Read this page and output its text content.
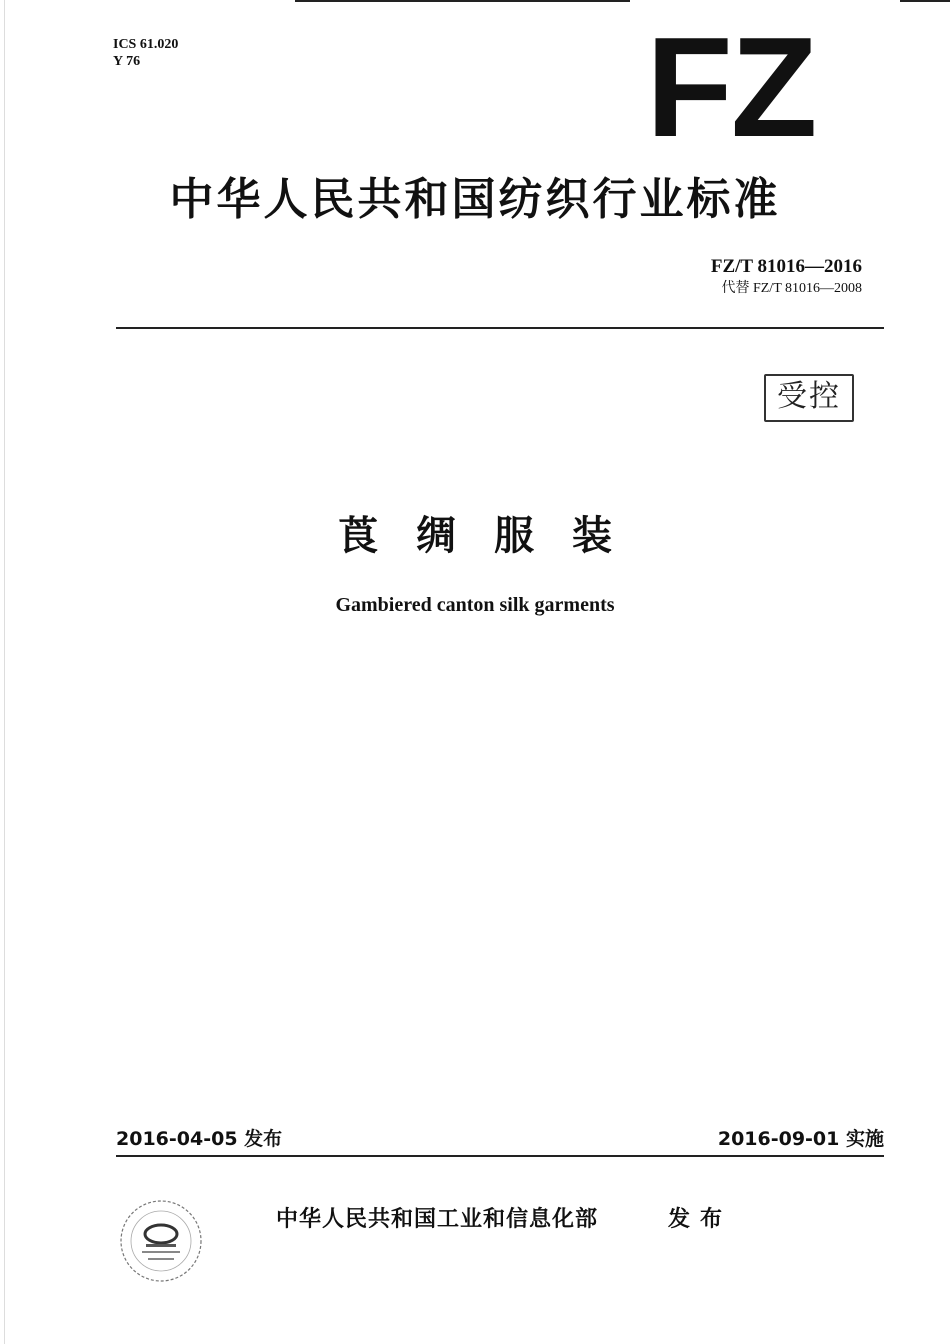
ICS 61.020
Y 76	FZ
中华人民共和国纺织行业标准
FZ/T 81016—2016
代替 FZ/T 81016—2008
受控
莨绸服装
Gambiered canton silk garments
2016-04-05 发布	2016-09-01 实施
中华人民共和国工业和信息化部	发布
